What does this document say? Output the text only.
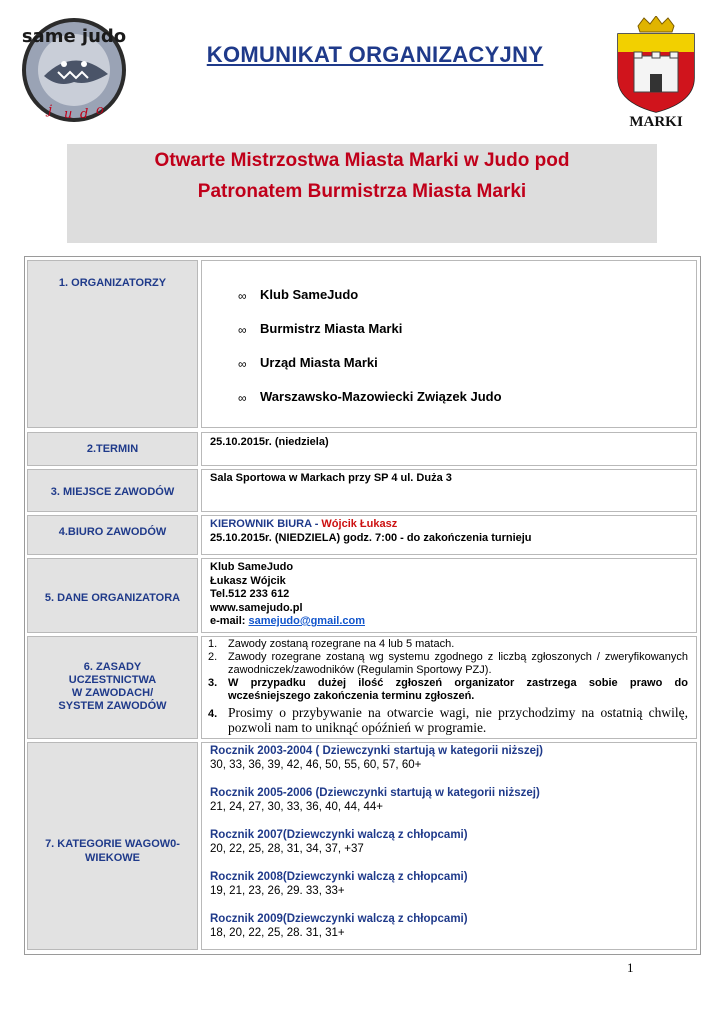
same judo
j u d o
KOMUNIKAT ORGANIZACYJNY
MARKI
Otwarte Mistrzostwa Miasta Marki w Judo pod
Patronatem Burmistrza Miasta Marki
1. ORGANIZATORZY
∞ Klub SameJudo
∞ Burmistrz Miasta Marki
∞ Urząd Miasta Marki
∞ Warszawsko-Mazowiecki Związek Judo
2.TERMIN
25.10.2015r. (niedziela)
3. MIEJSCE ZAWODÓW
Sala Sportowa w Markach przy SP 4 ul. Duża 3
4.BIURO ZAWODÓW
KIEROWNIK BIURA - Wójcik Łukasz
25.10.2015r. (NIEDZIELA) godz. 7:00 - do zakończenia turnieju
5. DANE ORGANIZATORA
Klub SameJudo
Łukasz Wójcik
Tel.512 233 612
www.samejudo.pl
e-mail: samejudo@gmail.com
6. ZASADY
UCZESTNICTWA
W ZAWODACH/
SYSTEM ZAWODÓW
1. Zawody zostaną rozegrane na 4 lub 5 matach.
2. Zawody rozegrane zostaną wg systemu zgodnego z liczbą zgłoszonych / zweryfikowanych zawodniczek/zawodników (Regulamin Sportowy PZJ).
3. W przypadku dużej ilość zgłoszeń organizator zastrzega sobie prawo do wcześniejszego zakończenia terminu zgłoszeń.
4. Prosimy o przybywanie na otwarcie wagi, nie przychodzimy na ostatnią chwilę, pozwoli nam to uniknąć opóźnień w programie.
7. KATEGORIE WAGOW0-
WIEKOWE
Rocznik 2003-2004 ( Dziewczynki startują w kategorii niższej)
30, 33, 36, 39, 42, 46, 50, 55, 60, 57, 60+
Rocznik 2005-2006 (Dziewczynki startują w kategorii niższej)
21, 24, 27, 30, 33, 36, 40, 44, 44+
Rocznik 2007(Dziewczynki walczą z chłopcami)
20, 22, 25, 28, 31, 34, 37, +37
Rocznik 2008(Dziewczynki walczą z chłopcami)
19, 21, 23, 26, 29. 33, 33+
Rocznik 2009(Dziewczynki walczą z chłopcami)
18, 20, 22, 25, 28. 31, 31+
1
